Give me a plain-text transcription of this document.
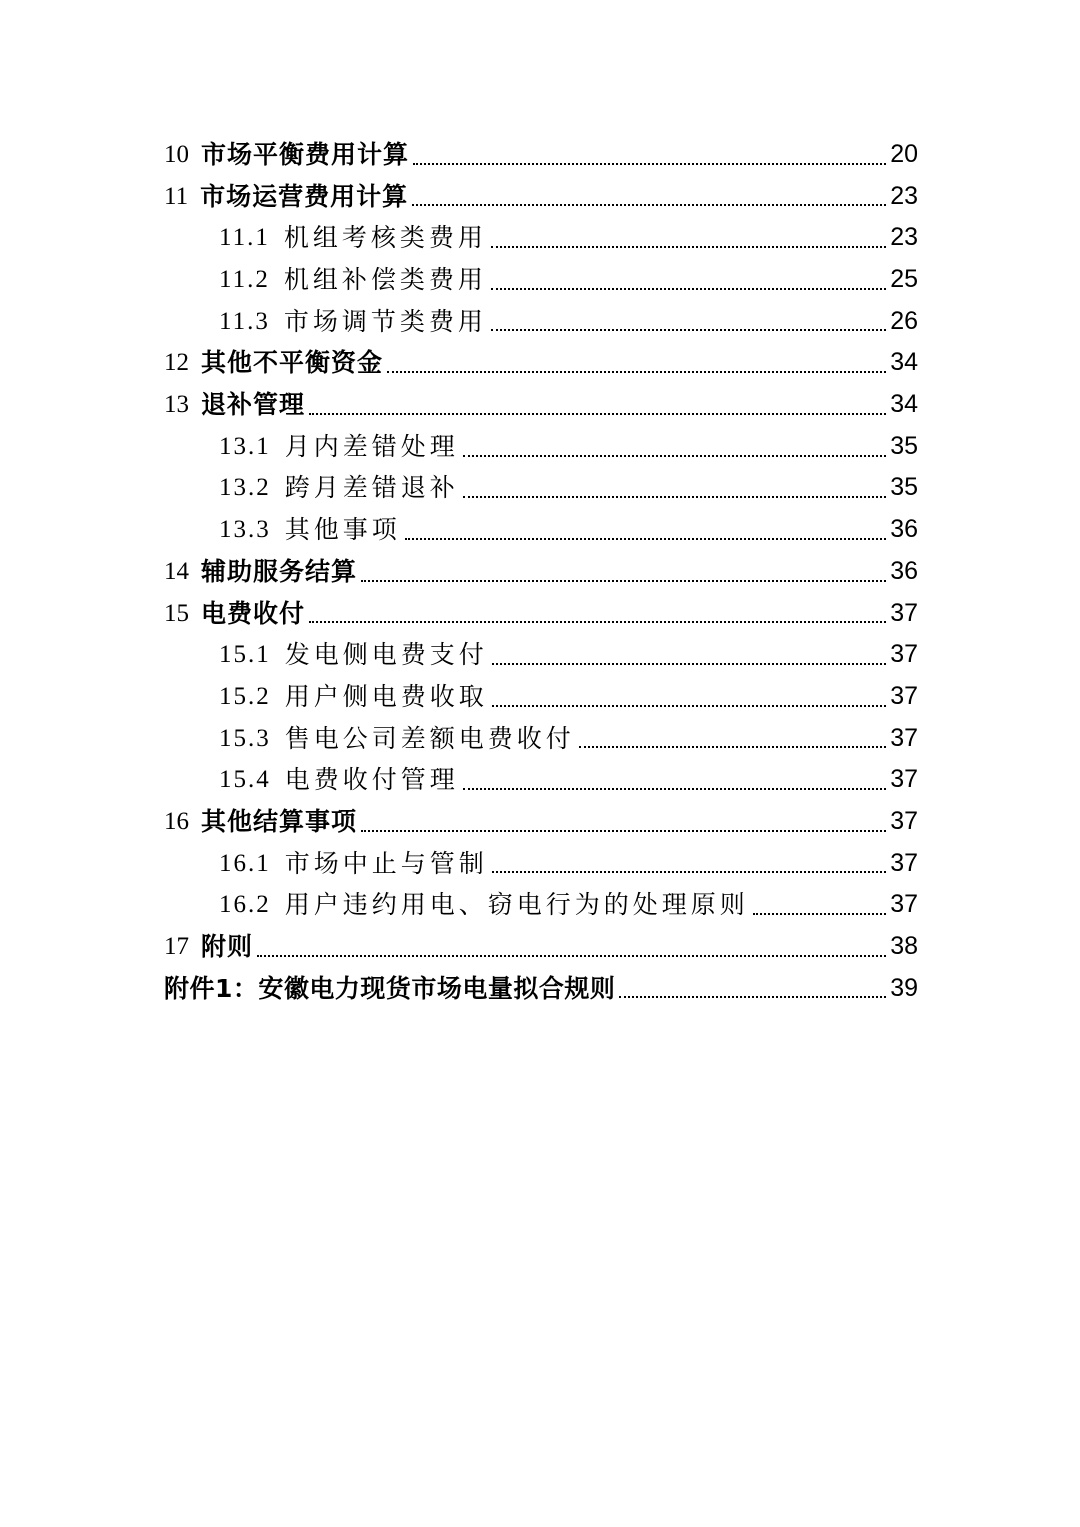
10 市场平衡费用计算	20
11 市场运营费用计算	23
11.1 机组考核类费用	23
11.2 机组补偿类费用	25
11.3 市场调节类费用	26
12 其他不平衡资金	34
13 退补管理	34
13.1 月内差错处理	35
13.2 跨月差错退补	35
13.3 其他事项	36
14 辅助服务结算	36
15 电费收付	37
15.1 发电侧电费支付	37
15.2 用户侧电费收取	37
15.3 售电公司差额电费收付	37
15.4 电费收付管理	37
16 其他结算事项	37
16.1 市场中止与管制	37
16.2 用户违约用电、窃电行为的处理原则	37
17 附则	38
附件1：安徽电力现货市场电量拟合规则	39
